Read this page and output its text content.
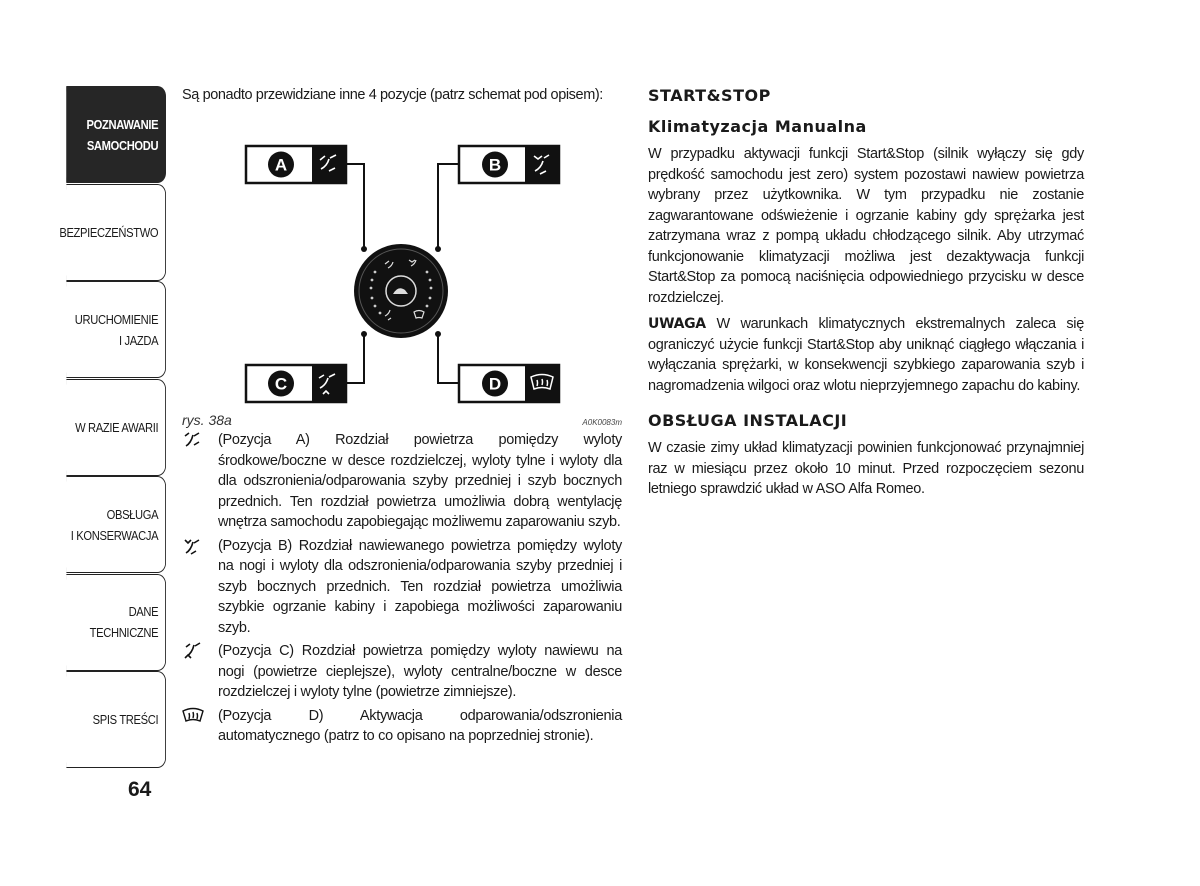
POZNAWANIE
SAMOCHODU
BEZPIECZEŃSTWO
URUCHOMIENIE
I JAZDA
W RAZIE AWARII
OBSŁUGA
I KONSERWACJA
DANE
TECHNICZNE
SPIS TREŚCI
64

Są ponadto przewidziane inne 4 pozycje (patrz schemat pod opisem):

A	B
C	D
rys. 38a	A0K0083m

(Pozycja A) Rozdział powietrza pomiędzy wyloty środkowe/boczne w desce rozdzielczej, wyloty tylne i wyloty dla dla odszronienia/odparowania szyby przedniej i szyb bocznych przednich. Ten rozdział powietrza umożliwia dobrą wentylację wnętrza samochodu zapobiegając możliwemu zaparowaniu szyb.

(Pozycja B) Rozdział nawiewanego powietrza pomiędzy wyloty na nogi i wyloty dla odszronienia/odparowania szyby przedniej i szyb bocznych przednich. Ten rozdział powietrza umożliwia szybkie ogrzanie kabiny i zapobiega możliwości zaparowaniu szyb.

(Pozycja C) Rozdział powietrza pomiędzy wyloty nawiewu na nogi (powietrze cieplejsze), wyloty centralne/boczne w desce rozdzielczej i wyloty tylne (powietrze zimniejsze).

(Pozycja D) Aktywacja odparowania/odszronienia automatycznego (patrz to co opisano na poprzedniej stronie).

START&STOP
Klimatyzacja Manualna

W przypadku aktywacji funkcji Start&Stop (silnik wyłączy się gdy prędkość samochodu jest zero) system pozostawi nawiew powietrza wybrany przez użytkownika. W tym przypadku nie zostanie zagwarantowane odświeżenie i ogrzanie kabiny gdy sprężarka jest zatrzymana wraz z pompą układu chłodzącego silnik. Aby utrzymać funkcjonowanie klimatyzacji możliwa jest dezaktywacja funkcji Start&Stop za pomocą naciśnięcia odpowiedniego przycisku w desce rozdzielczej.

UWAGA W warunkach klimatycznych ekstremalnych zaleca się ograniczyć użycie funkcji Start&Stop aby uniknąć ciągłego włączania i wyłączania sprężarki, w konsekwencji szybkiego zaparowania szyb i nagromadzenia wilgoci oraz wlotu nieprzyjemnego zapachu do kabiny.

OBSŁUGA INSTALACJI

W czasie zimy układ klimatyzacji powinien funkcjonować przynajmniej raz w miesiącu przez około 10 minut. Przed rozpoczęciem sezonu letniego sprawdzić układ w ASO Alfa Romeo.
